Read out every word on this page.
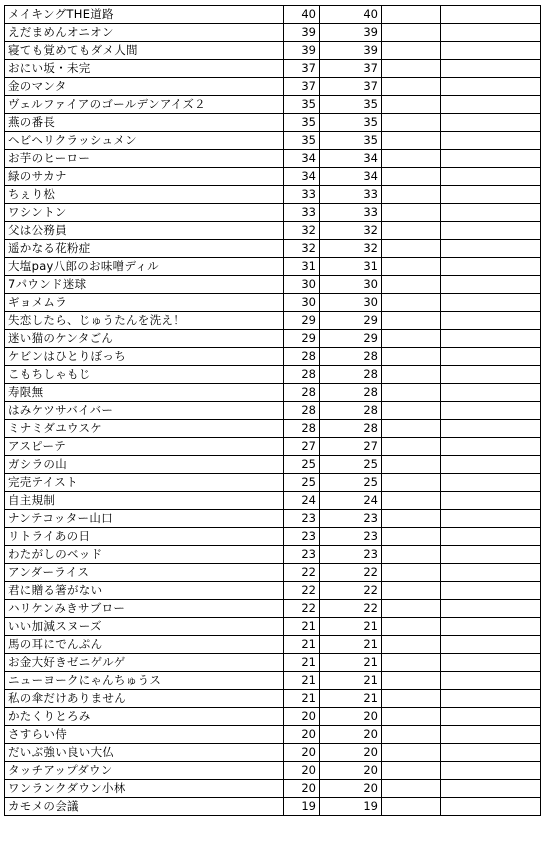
メイキングTHE道路	40	40		
えだまめんオニオン	39	39		
寝ても覚めてもダメ人間	39	39		
おにい坂・未完	37	37		
金のマンタ	37	37		
ヴェルファイアのゴールデンアイズ２	35	35		
燕の番長	35	35		
ヘビヘリクラッシュメン	35	35		
お芋のヒーロー	34	34		
緑のサカナ	34	34		
ちぇり松	33	33		
ワシントン	33	33		
父は公務員	32	32		
遥かなる花粉症	32	32		
大塩pay八郎のお味噌ディル	31	31		
7パウンド迷球	30	30		
ギョメムラ	30	30		
失恋したら、じゅうたんを洗え！	29	29		
迷い猫のケンタごん	29	29		
ケビンはひとりぼっち	28	28		
こもちしゃもじ	28	28		
寿限無	28	28		
はみケツサバイバー	28	28		
ミナミダユウスケ	28	28		
アスピーテ	27	27		
ガシラの山	25	25		
完売テイスト	25	25		
自主規制	24	24		
ナンテコッター山口	23	23		
リトライあの日	23	23		
わたがしのベッド	23	23		
アンダーライス	22	22		
君に贈る箸がない	22	22		
ハリケンみきサブロー	22	22		
いい加減スヌーズ	21	21		
馬の耳にでんぷん	21	21		
お金大好きゼニゲルゲ	21	21		
ニューヨークにゃんちゅうス	21	21		
私の傘だけありません	21	21		
かたくりとろみ	20	20		
さすらい侍	20	20		
だいぶ強い良い大仏	20	20		
タッチアップダウン	20	20		
ワンランクダウン小林	20	20		
カモメの会議	19	19		
